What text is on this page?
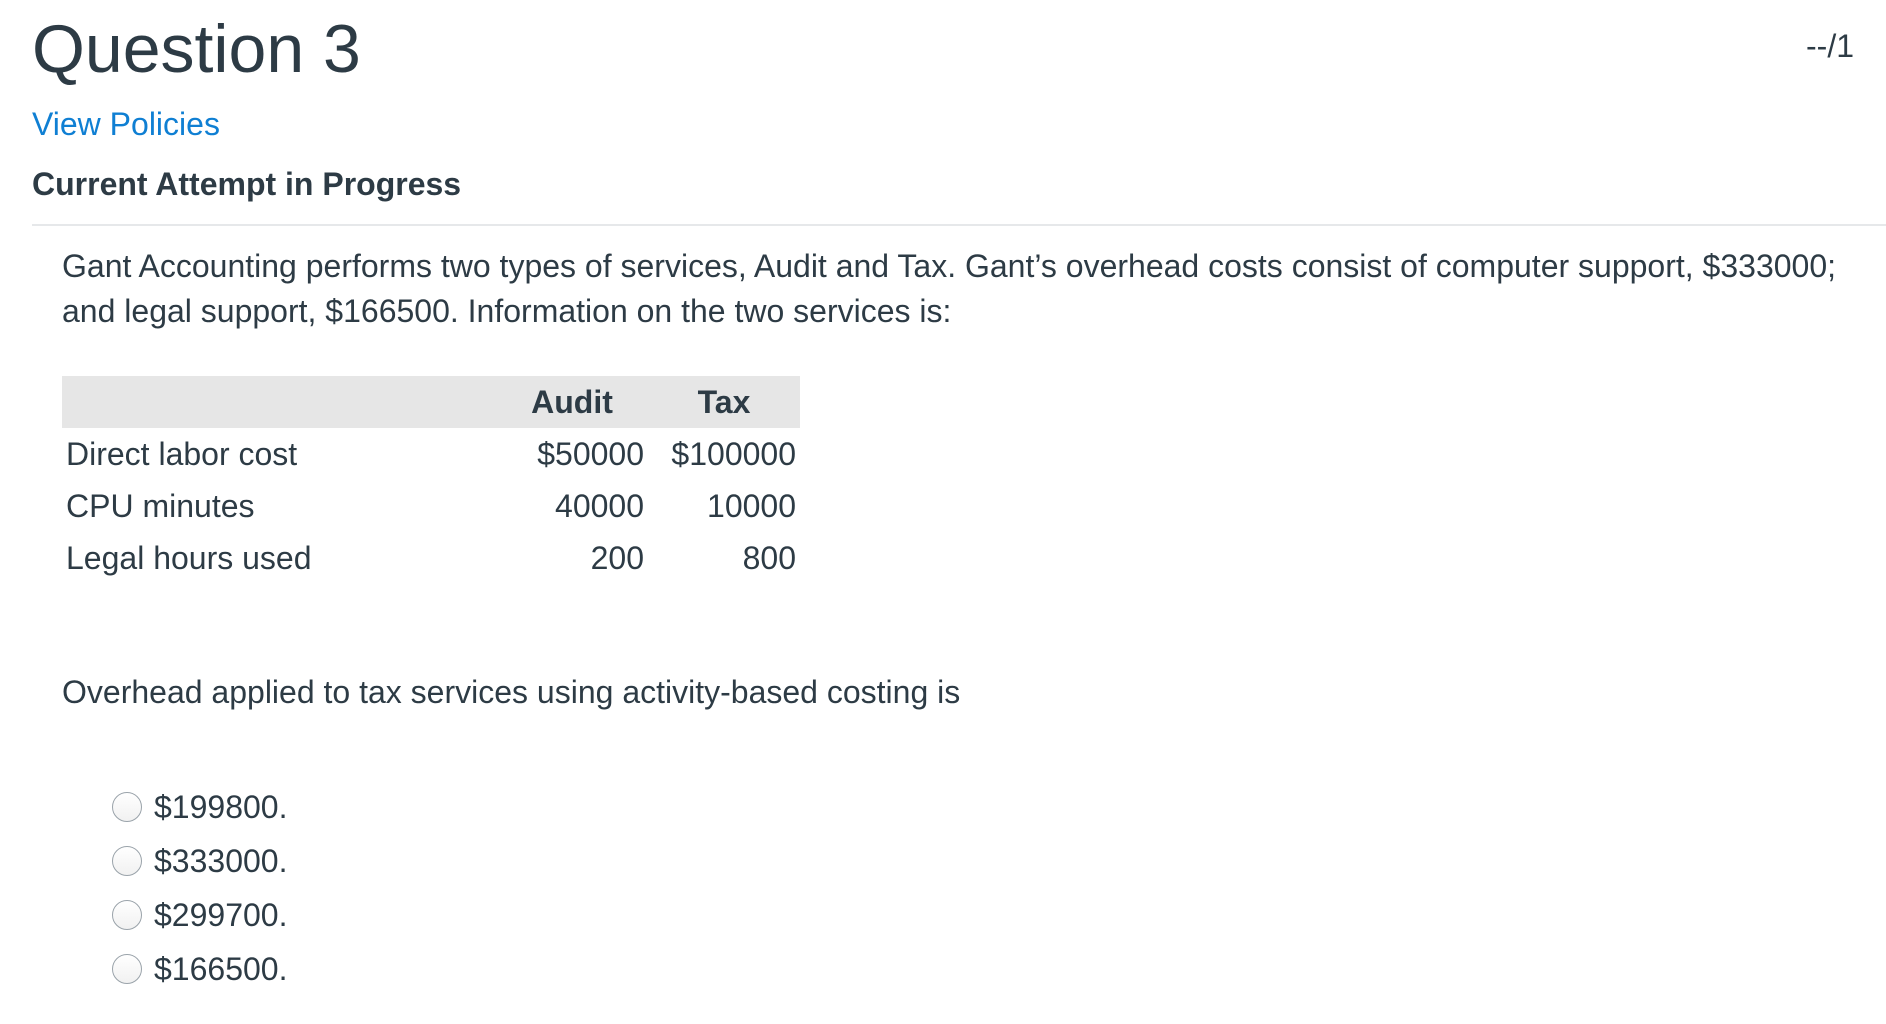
Question 3	--/1
View Policies
Current Attempt in Progress

Gant Accounting performs two types of services, Audit and Tax. Gant’s overhead costs consist of computer support, $333000; and legal support, $166500. Information on the two services is:

	Audit	Tax
Direct labor cost	$50000	$100000
CPU minutes	40000	10000
Legal hours used	200	800

Overhead applied to tax services using activity-based costing is

$199800.
$333000.
$299700.
$166500.
